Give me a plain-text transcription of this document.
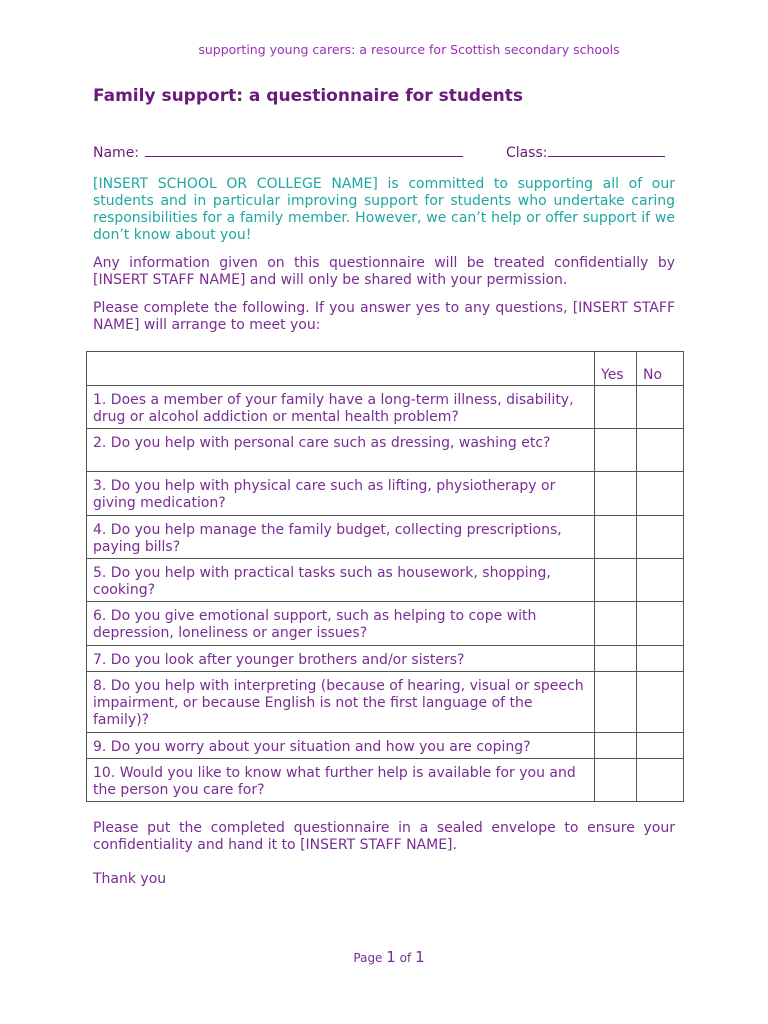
supporting young carers: a resource for Scottish secondary schools
Family support: a questionnaire for students
Name:	Class:

[INSERT SCHOOL OR COLLEGE NAME] is committed to supporting all of our students and in particular improving support for students who undertake caring responsibilities for a family member. However, we can’t help or offer support if we don’t know about you!

Any information given on this questionnaire will be treated confidentially by [INSERT STAFF NAME] and will only be shared with your permission.

Please complete the following. If you answer yes to any questions, [INSERT STAFF NAME] will arrange to meet you:

	Yes	No
1. Does a member of your family have a long-term illness, disability, drug or alcohol addiction or mental health problem?		
2. Do you help with personal care such as dressing, washing etc?		
3. Do you help with physical care such as lifting, physiotherapy or giving medication?		
4. Do you help manage the family budget, collecting prescriptions, paying bills?		
5. Do you help with practical tasks such as housework, shopping, cooking?		
6. Do you give emotional support, such as helping to cope with depression, loneliness or anger issues?		
7. Do you look after younger brothers and/or sisters?		
8. Do you help with interpreting (because of hearing, visual or speech impairment, or because English is not the first language of the family)?		
9. Do you worry about your situation and how you are coping?		
10. Would you like to know what further help is available for you and the person you care for?		

Please put the completed questionnaire in a sealed envelope to ensure your confidentiality and hand it to [INSERT STAFF NAME].

Thank you

Page 1 of 1
